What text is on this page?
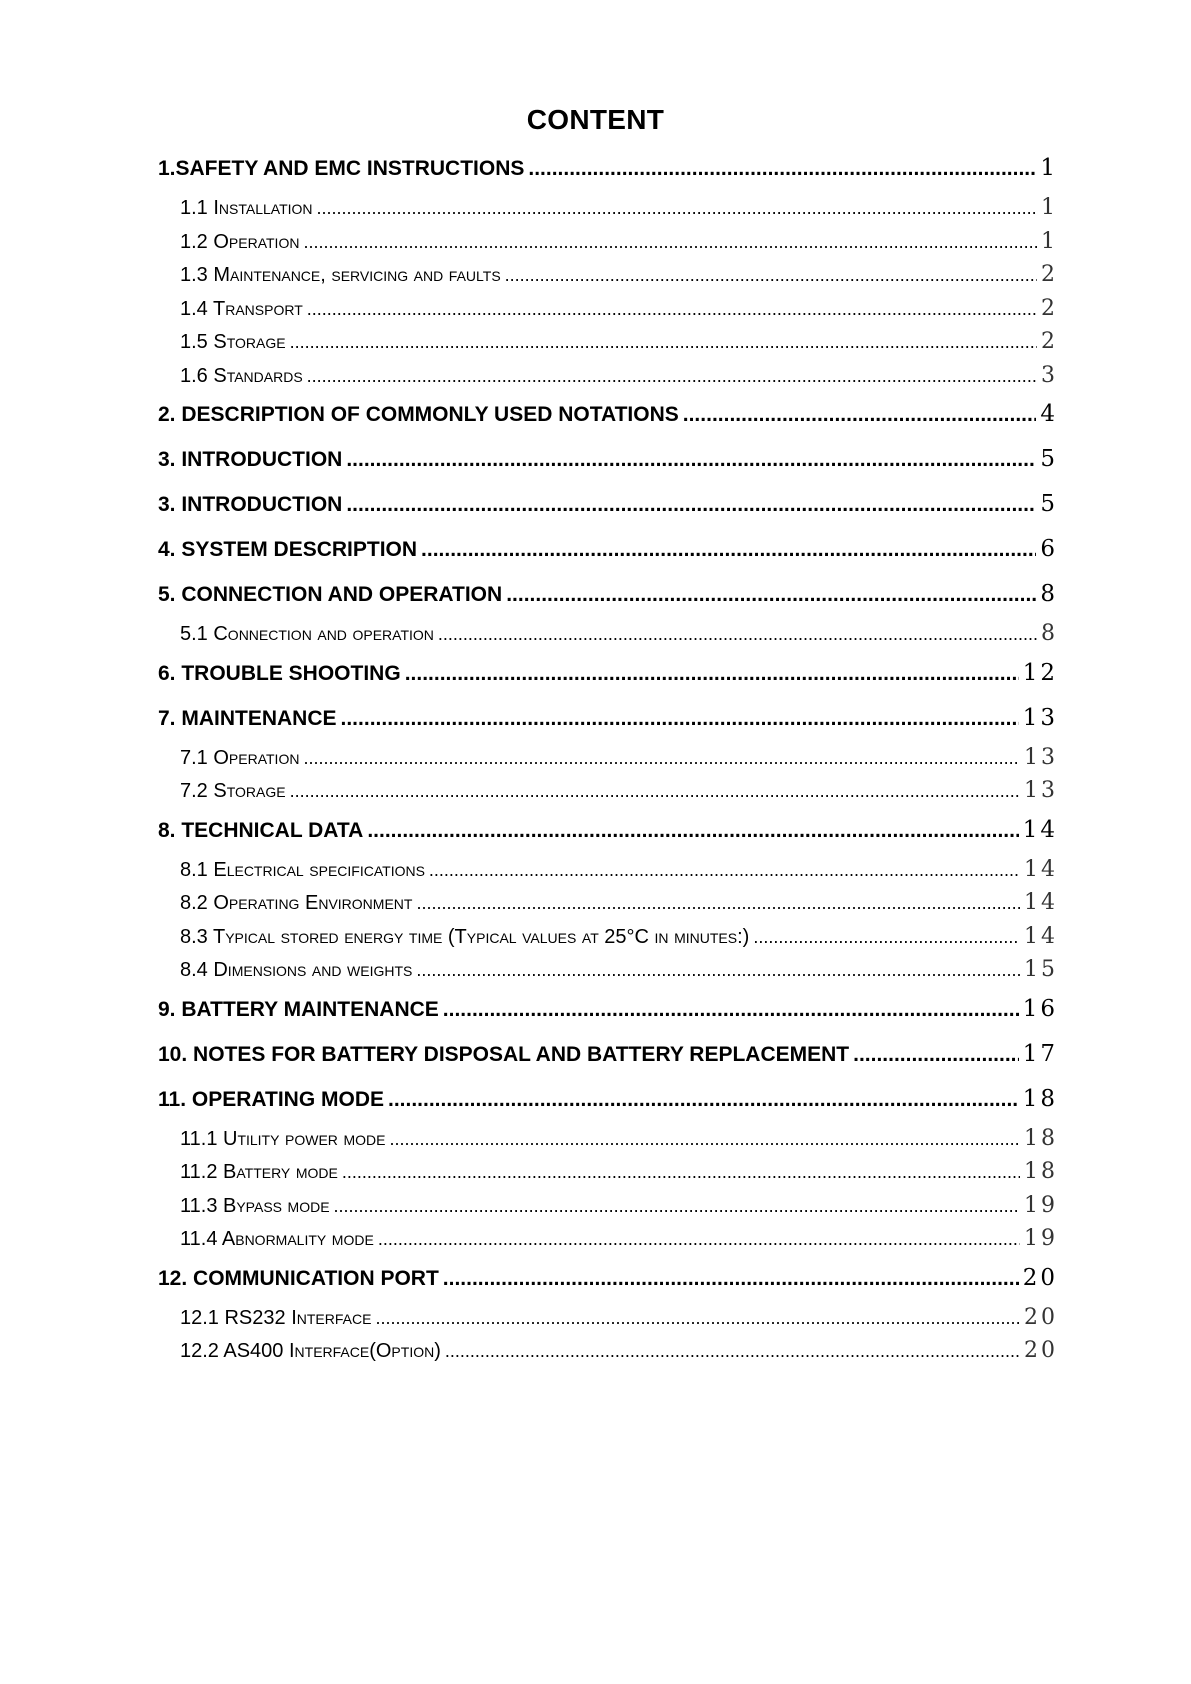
CONTENT
1.SAFETY AND EMC INSTRUCTIONS .....	1
1.1 Installation .....	1
1.2 Operation .....	1
1.3 Maintenance, servicing and faults .....	2
1.4 Transport .....	2
1.5 Storage .....	2
1.6 Standards .....	3
2. DESCRIPTION OF COMMONLY USED NOTATIONS .....	4
3. INTRODUCTION .....	5
3. INTRODUCTION .....	5
4. SYSTEM DESCRIPTION .....	6
5. CONNECTION AND OPERATION .....	8
5.1 Connection and operation .....	8
6. TROUBLE SHOOTING .....	12
7. MAINTENANCE .....	13
7.1 Operation .....	13
7.2 Storage .....	13
8. TECHNICAL DATA .....	14
8.1 Electrical specifications .....	14
8.2 Operating Environment .....	14
8.3 Typical stored energy time (Typical values at 25°C in minutes:) .....	14
8.4 Dimensions and weights .....	15
9. BATTERY MAINTENANCE .....	16
10. NOTES FOR BATTERY DISPOSAL AND BATTERY REPLACEMENT .....	17
11. OPERATING MODE .....	18
11.1 Utility power mode .....	18
11.2 Battery mode .....	18
11.3 Bypass mode .....	19
11.4 Abnormality mode .....	19
12. COMMUNICATION PORT .....	20
12.1 RS232 Interface .....	20
12.2 AS400 Interface(Option) .....	20
